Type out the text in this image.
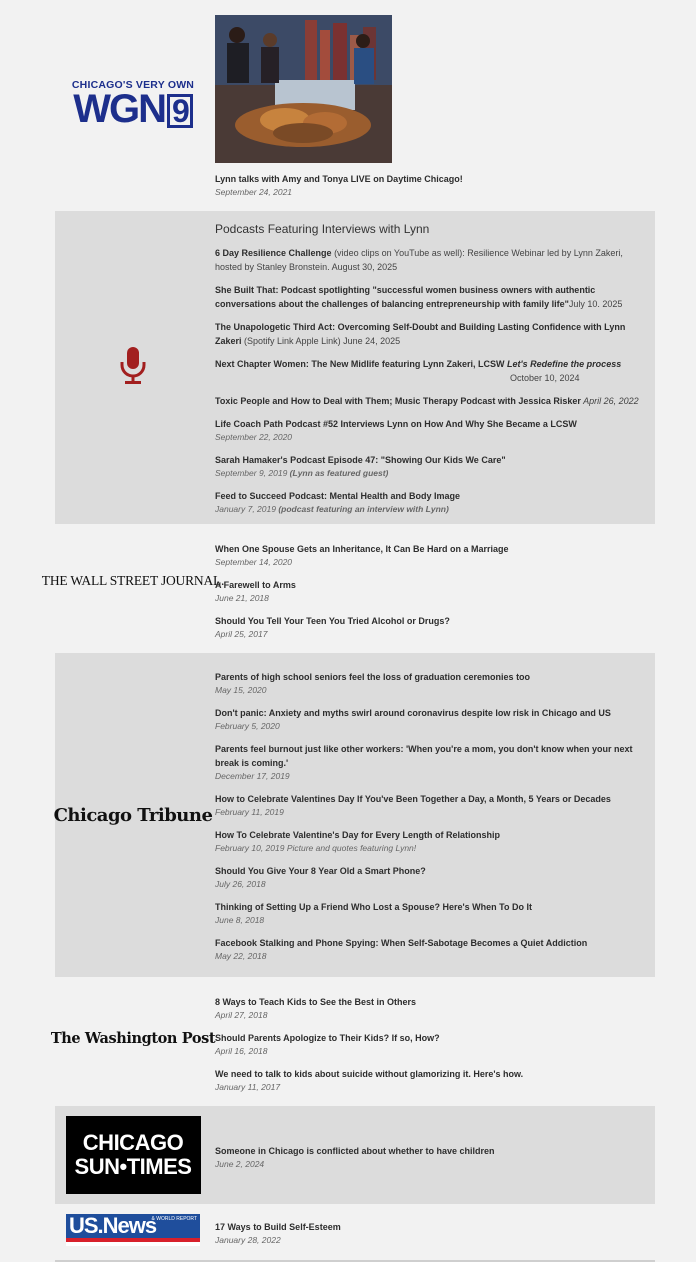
CHICAGO'S VERY OWN
WGN 9
Lynn talks with Amy and Tonya LIVE on Daytime Chicago!
September 24, 2021
Podcasts Featuring Interviews with Lynn
6 Day Resilience Challenge (video clips on YouTube as well): Resilience Webinar led by Lynn Zakeri, hosted by Stanley Bronstein. August 30, 2025
She Built That: Podcast spotlighting "successful women business owners with authentic conversations about the challenges of balancing entrepreneurship with family life"July 10. 2025
The Unapologetic Third Act: Overcoming Self-Doubt and Building Lasting Confidence with Lynn Zakeri (Spotify Link Apple Link) June 24, 2025
Next Chapter Women: The New Midlife featuring Lynn Zakeri, LCSW Let's Redefine the process
October 10, 2024
Toxic People and How to Deal with Them; Music Therapy Podcast with Jessica Risker April 26, 2022
Life Coach Path Podcast #52 Interviews Lynn on How And Why She Became a LCSW
September 22, 2020
Sarah Hamaker's Podcast Episode 47: "Showing Our Kids We Care"
September 9, 2019 (Lynn as featured guest)
Feed to Succeed Podcast: Mental Health and Body Image
January 7, 2019 (podcast featuring an interview with Lynn)
THE WALL STREET JOURNAL.
When One Spouse Gets an Inheritance, It Can Be Hard on a Marriage
September 14, 2020
A Farewell to Arms
June 21, 2018
Should You Tell Your Teen You Tried Alcohol or Drugs?
April 25, 2017
Chicago Tribune
Parents of high school seniors feel the loss of graduation ceremonies too
May 15, 2020
Don't panic: Anxiety and myths swirl around coronavirus despite low risk in Chicago and US
February 5, 2020
Parents feel burnout just like other workers: 'When you're a mom, you don't know when your next break is coming.'
December 17, 2019
How to Celebrate Valentines Day If You've Been Together a Day, a Month, 5 Years or Decades
February 11, 2019
How To Celebrate Valentine's Day for Every Length of Relationship
February 10, 2019 Picture and quotes featuring Lynn!
Should You Give Your 8 Year Old a Smart Phone?
July 26, 2018
Thinking of Setting Up a Friend Who Lost a Spouse? Here's When To Do It
June 8, 2018
Facebook Stalking and Phone Spying: When Self-Sabotage Becomes a Quiet Addiction
May 22, 2018
The Washington Post
8 Ways to Teach Kids to See the Best in Others
April 27, 2018
Should Parents Apologize to Their Kids? If so, How?
April 16, 2018
We need to talk to kids about suicide without glamorizing it. Here's how.
January 11, 2017
CHICAGO
SUN•TIMES
Someone in Chicago is conflicted about whether to have children
June 2, 2024
US.News
& WORLD REPORT
17 Ways to Build Self-Esteem
January 28, 2022
